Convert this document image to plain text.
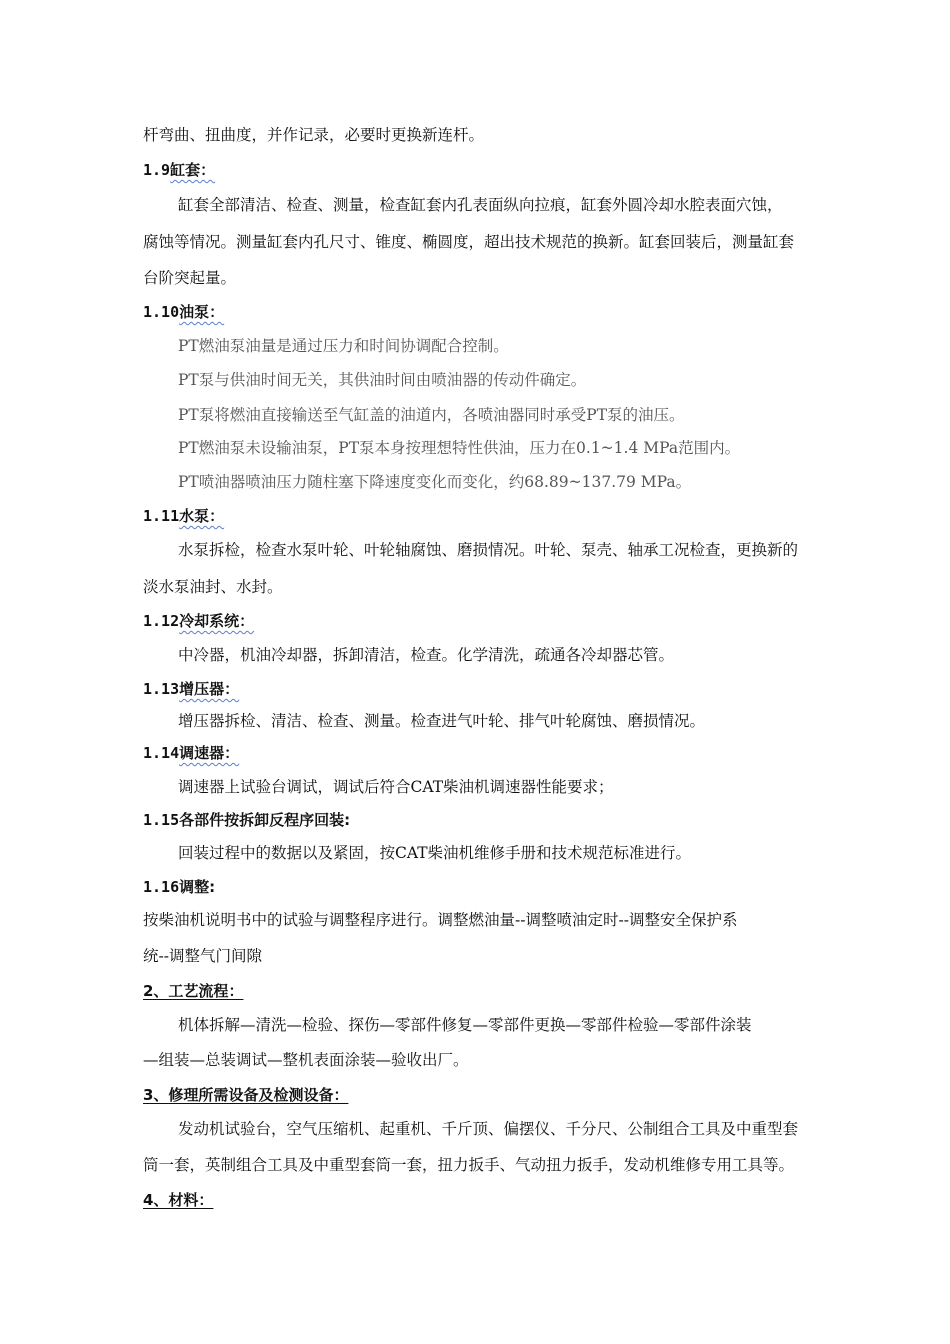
杆弯曲、扭曲度，并作记录，必要时更换新连杆。
1.9缸套：
缸套全部清洁、检查、测量，检查缸套内孔表面纵向拉痕，缸套外圆冷却水腔表面穴蚀，
腐蚀等情况。测量缸套内孔尺寸、锥度、椭圆度，超出技术规范的换新。缸套回装后，测量缸套
台阶突起量。
1.10油泵：
PT燃油泵油量是通过压力和时间协调配合控制。
PT泵与供油时间无关，其供油时间由喷油器的传动件确定。
PT泵将燃油直接输送至气缸盖的油道内，各喷油器同时承受PT泵的油压。
PT燃油泵未设输油泵，PT泵本身按理想特性供油，压力在0.1~1.4 MPa范围内。
PT喷油器喷油压力随柱塞下降速度变化而变化，约68.89~137.79 MPa。
1.11水泵：
水泵拆检，检查水泵叶轮、叶轮轴腐蚀、磨损情况。叶轮、泵壳、轴承工况检查，更换新的
淡水泵油封、水封。
1.12冷却系统：
中冷器，机油冷却器，拆卸清洁，检查。化学清洗，疏通各冷却器芯管。
1.13增压器：
增压器拆检、清洁、检查、测量。检查进气叶轮、排气叶轮腐蚀、磨损情况。
1.14调速器：
调速器上试验台调试，调试后符合CAT柴油机调速器性能要求；
1.15各部件按拆卸反程序回装:
回装过程中的数据以及紧固，按CAT柴油机维修手册和技术规范标准进行。
1.16调整:
按柴油机说明书中的试验与调整程序进行。调整燃油量--调整喷油定时--调整安全保护系
统--调整气门间隙
2、工艺流程：
机体拆解—清洗—检验、探伤—零部件修复—零部件更换—零部件检验—零部件涂装
—组装—总装调试—整机表面涂装—验收出厂。
3、修理所需设备及检测设备：
发动机试验台，空气压缩机、起重机、千斤顶、偏摆仪、千分尺、公制组合工具及中重型套
筒一套，英制组合工具及中重型套筒一套，扭力扳手、气动扭力扳手，发动机维修专用工具等。
4、材料：
